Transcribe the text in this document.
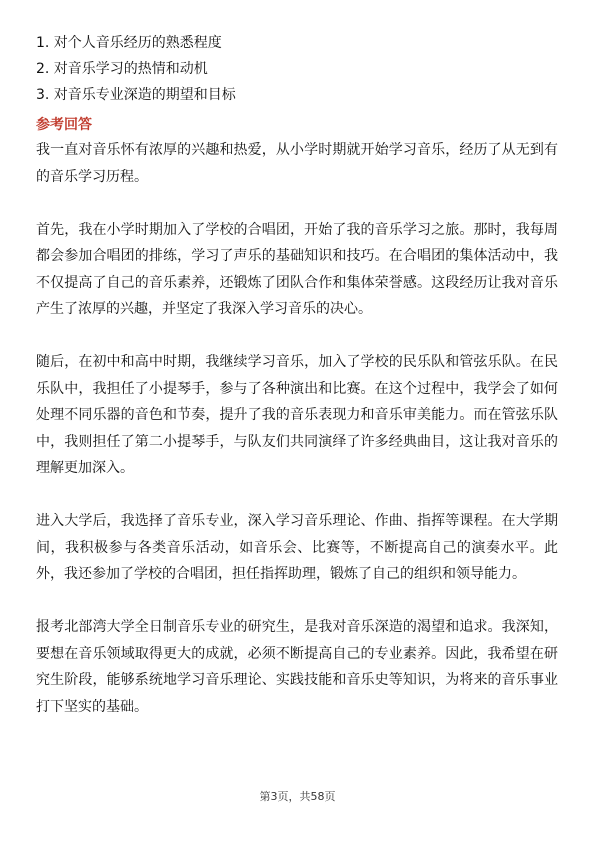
1. 对个人音乐经历的熟悉程度
2. 对音乐学习的热情和动机
3. 对音乐专业深造的期望和目标
参考回答

我一直对音乐怀有浓厚的兴趣和热爱，从小学时期就开始学习音乐，经历了从无到有的音乐学习历程。

首先，我在小学时期加入了学校的合唱团，开始了我的音乐学习之旅。那时，我每周都会参加合唱团的排练，学习了声乐的基础知识和技巧。在合唱团的集体活动中，我不仅提高了自己的音乐素养，还锻炼了团队合作和集体荣誉感。这段经历让我对音乐产生了浓厚的兴趣，并坚定了我深入学习音乐的决心。

随后，在初中和高中时期，我继续学习音乐，加入了学校的民乐队和管弦乐队。在民乐队中，我担任了小提琴手，参与了各种演出和比赛。在这个过程中，我学会了如何处理不同乐器的音色和节奏，提升了我的音乐表现力和音乐审美能力。而在管弦乐队中，我则担任了第二小提琴手，与队友们共同演绎了许多经典曲目，这让我对音乐的理解更加深入。

进入大学后，我选择了音乐专业，深入学习音乐理论、作曲、指挥等课程。在大学期间，我积极参与各类音乐活动，如音乐会、比赛等，不断提高自己的演奏水平。此外，我还参加了学校的合唱团，担任指挥助理，锻炼了自己的组织和领导能力。

报考北部湾大学全日制音乐专业的研究生，是我对音乐深造的渴望和追求。我深知，要想在音乐领域取得更大的成就，必须不断提高自己的专业素养。因此，我希望在研究生阶段，能够系统地学习音乐理论、实践技能和音乐史等知识，为将来的音乐事业打下坚实的基础。

第3页，共58页
